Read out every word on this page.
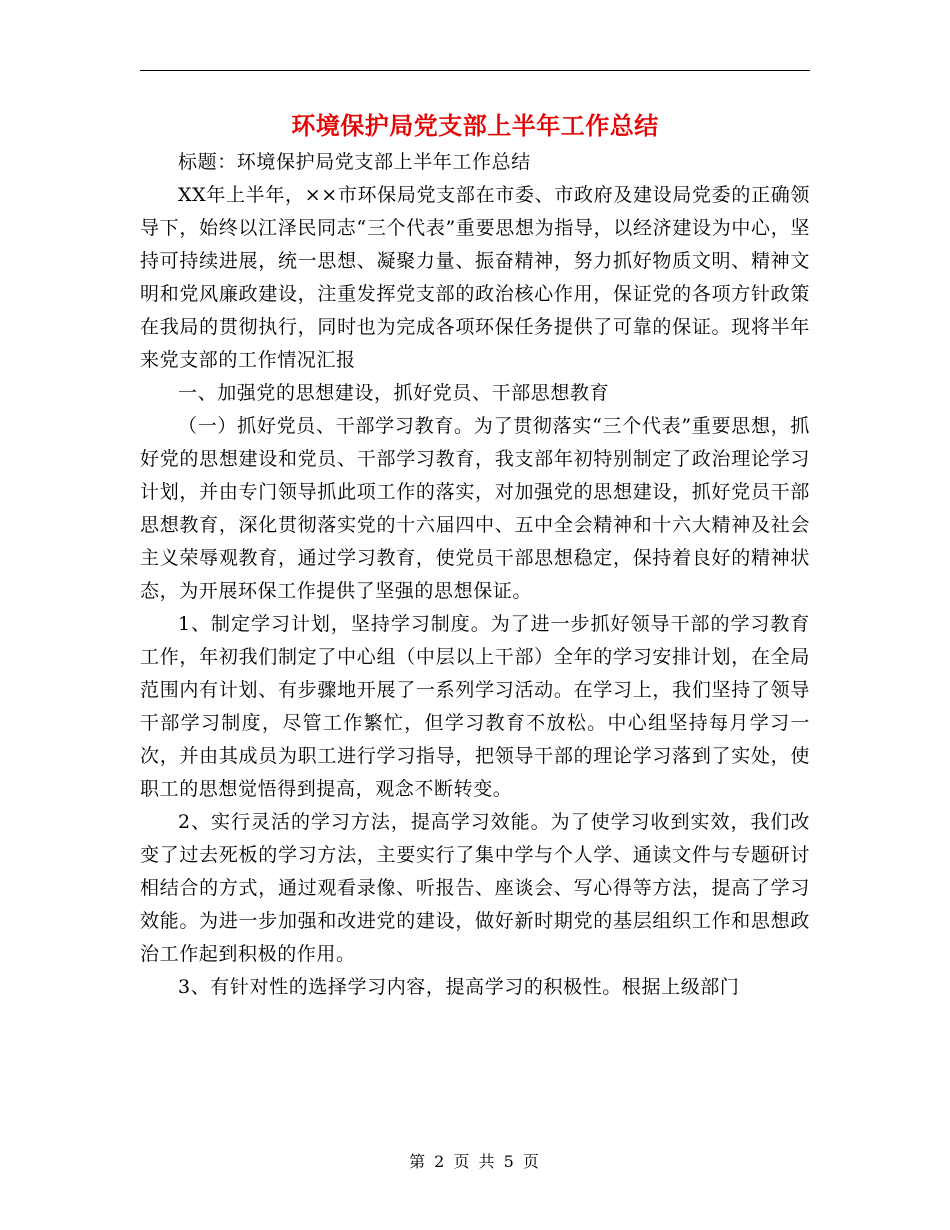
环境保护局党支部上半年工作总结

标题：环境保护局党支部上半年工作总结

XX年上半年，××市环保局党支部在市委、市政府及建设局党委的正确领导下，始终以江泽民同志“三个代表”重要思想为指导，以经济建设为中心，坚持可持续进展，统一思想、凝聚力量、振奋精神，努力抓好物质文明、精神文明和党风廉政建设，注重发挥党支部的政治核心作用，保证党的各项方针政策在我局的贯彻执行，同时也为完成各项环保任务提供了可靠的保证。现将半年来党支部的工作情况汇报

一、加强党的思想建设，抓好党员、干部思想教育

（一）抓好党员、干部学习教育。为了贯彻落实“三个代表”重要思想，抓好党的思想建设和党员、干部学习教育，我支部年初特别制定了政治理论学习计划，并由专门领导抓此项工作的落实，对加强党的思想建设，抓好党员干部思想教育，深化贯彻落实党的十六届四中、五中全会精神和十六大精神及社会主义荣辱观教育，通过学习教育，使党员干部思想稳定，保持着良好的精神状态，为开展环保工作提供了坚强的思想保证。

1、制定学习计划，坚持学习制度。为了进一步抓好领导干部的学习教育工作，年初我们制定了中心组（中层以上干部）全年的学习安排计划，在全局范围内有计划、有步骤地开展了一系列学习活动。在学习上，我们坚持了领导干部学习制度，尽管工作繁忙，但学习教育不放松。中心组坚持每月学习一次，并由其成员为职工进行学习指导，把领导干部的理论学习落到了实处，使职工的思想觉悟得到提高，观念不断转变。

2、实行灵活的学习方法，提高学习效能。为了使学习收到实效，我们改变了过去死板的学习方法，主要实行了集中学与个人学、通读文件与专题研讨相结合的方式，通过观看录像、听报告、座谈会、写心得等方法，提高了学习效能。为进一步加强和改进党的建设，做好新时期党的基层组织工作和思想政治工作起到积极的作用。

3、有针对性的选择学习内容，提高学习的积极性。根据上级部门

第 2 页 共 5 页
